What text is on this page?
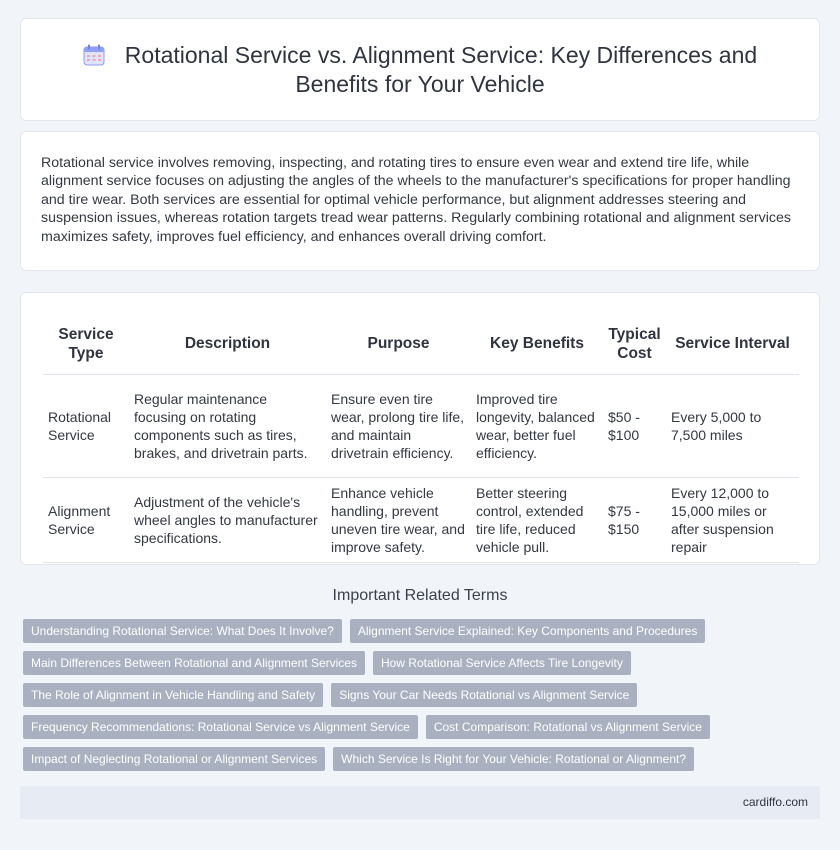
Rotational Service vs. Alignment Service: Key Differences and Benefits for Your Vehicle

Rotational service involves removing, inspecting, and rotating tires to ensure even wear and extend tire life, while alignment service focuses on adjusting the angles of the wheels to the manufacturer's specifications for proper handling and tire wear. Both services are essential for optimal vehicle performance, but alignment addresses steering and suspension issues, whereas rotation targets tread wear patterns. Regularly combining rotational and alignment services maximizes safety, improves fuel efficiency, and enhances overall driving comfort.

Service Type	Description	Purpose	Key Benefits	Typical Cost	Service Interval
Rotational Service	Regular maintenance focusing on rotating components such as tires, brakes, and drivetrain parts.	Ensure even tire wear, prolong tire life, and maintain drivetrain efficiency.	Improved tire longevity, balanced wear, better fuel efficiency.	$50 - $100	Every 5,000 to 7,500 miles
Alignment Service	Adjustment of the vehicle's wheel angles to manufacturer specifications.	Enhance vehicle handling, prevent uneven tire wear, and improve safety.	Better steering control, extended tire life, reduced vehicle pull.	$75 - $150	Every 12,000 to 15,000 miles or after suspension repair
Important Related Terms
Understanding Rotational Service: What Does It Involve?	Alignment Service Explained: Key Components and Procedures
Main Differences Between Rotational and Alignment Services	How Rotational Service Affects Tire Longevity
The Role of Alignment in Vehicle Handling and Safety	Signs Your Car Needs Rotational vs Alignment Service
Frequency Recommendations: Rotational Service vs Alignment Service	Cost Comparison: Rotational vs Alignment Service
Impact of Neglecting Rotational or Alignment Services	Which Service Is Right for Your Vehicle: Rotational or Alignment?
cardiffo.com
